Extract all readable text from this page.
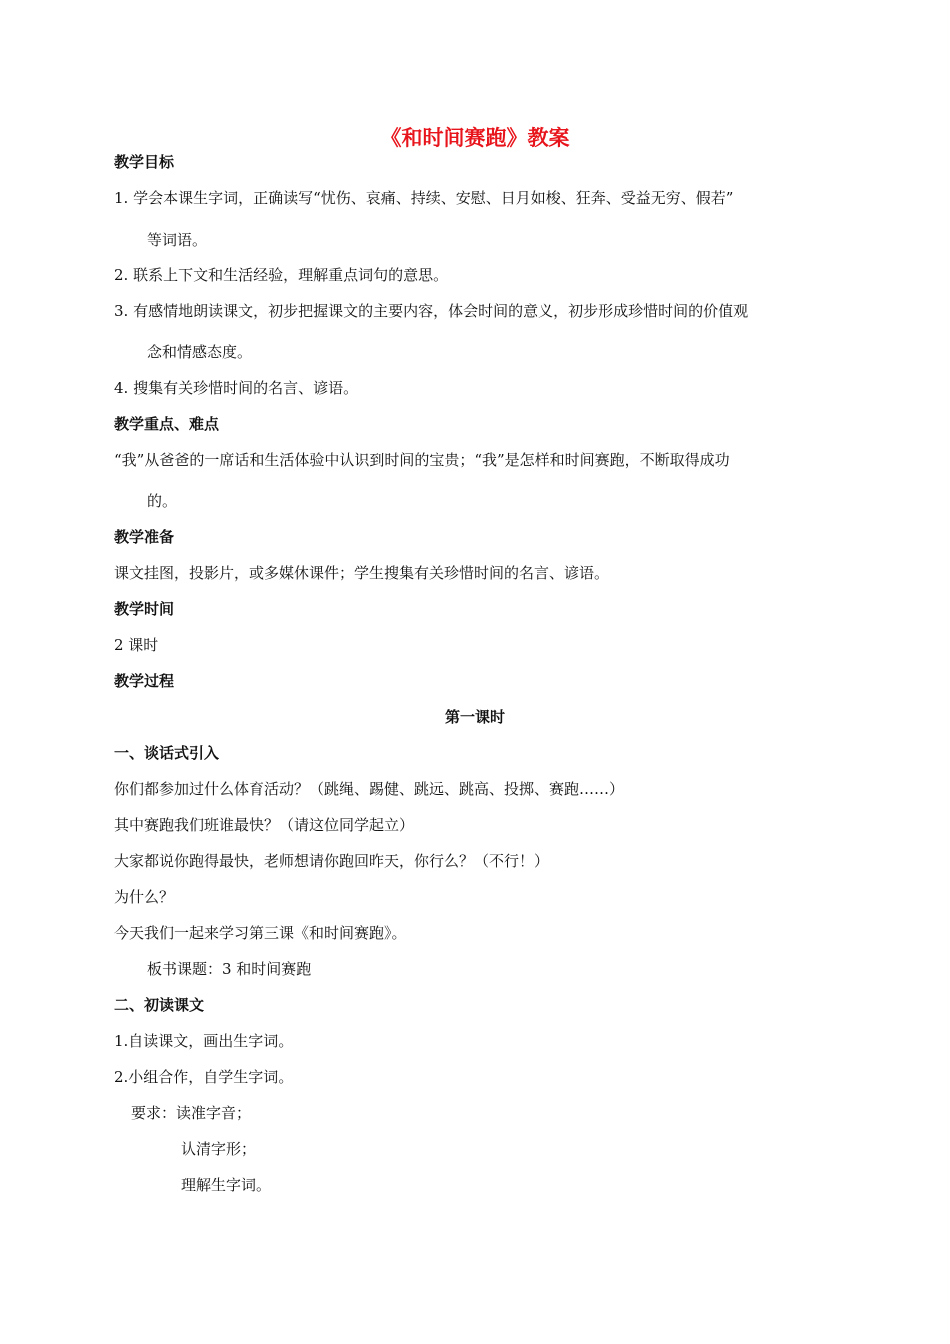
《和时间赛跑》教案
教学目标
1. 学会本课生字词，正确读写“忧伤、哀痛、持续、安慰、日月如梭、狂奔、受益无穷、假若”
等词语。
2. 联系上下文和生活经验，理解重点词句的意思。
3. 有感情地朗读课文，初步把握课文的主要内容，体会时间的意义，初步形成珍惜时间的价值观
念和情感态度。
4. 搜集有关珍惜时间的名言、谚语。
教学重点、难点
“我”从爸爸的一席话和生活体验中认识到时间的宝贵；“我”是怎样和时间赛跑，不断取得成功
的。
教学准备
课文挂图，投影片，或多媒休课件；学生搜集有关珍惜时间的名言、谚语。
教学时间
2 课时
教学过程
第一课时
一、谈话式引入
你们都参加过什么体育活动？（跳绳、踢健、跳远、跳高、投掷、赛跑……）
其中赛跑我们班谁最快？（请这位同学起立）
大家都说你跑得最快，老师想请你跑回昨天，你行么？（不行！）
为什么？
今天我们一起来学习第三课《和时间赛跑》。
板书课题：3 和时间赛跑
二、初读课文
1.自读课文，画出生字词。
2.小组合作，自学生字词。
要求：读准字音；
认清字形；
理解生字词。
